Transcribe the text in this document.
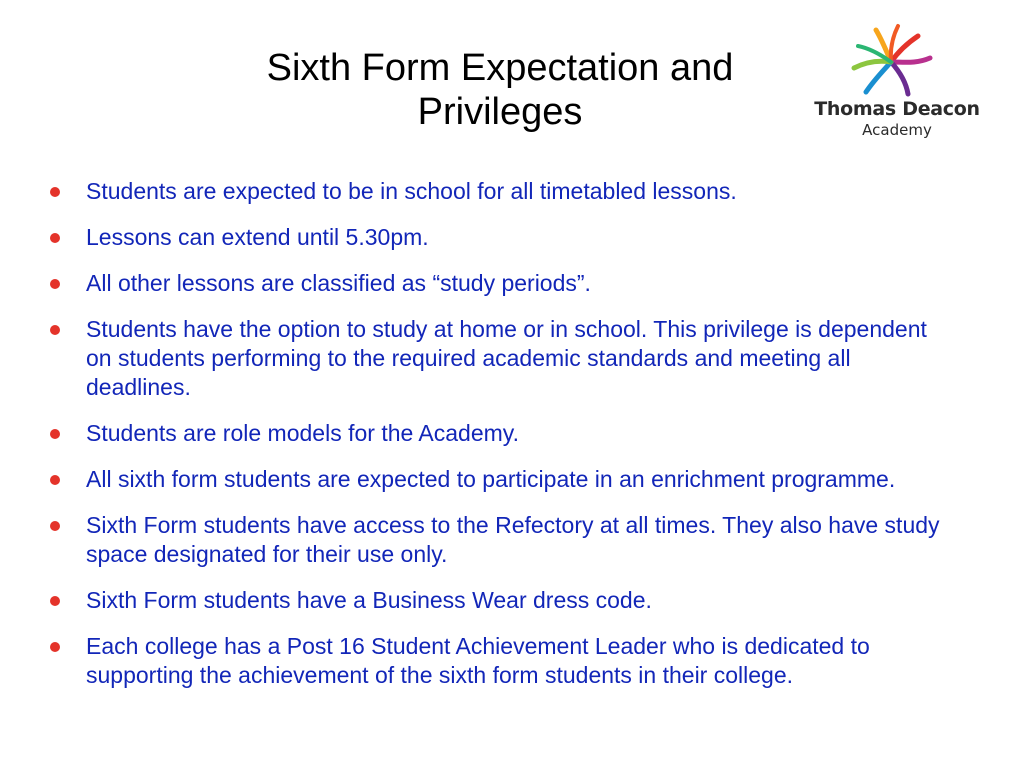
Sixth Form Expectation and
Privileges	Thomas Deacon
Academy
Students are expected to be in school for all timetabled lessons.
Lessons can extend until 5.30pm.
All other lessons are classified as “study periods”.
Students have the option to study at home or in school. This privilege is dependent on students performing to the required academic standards and meeting all deadlines.
Students are role models for the Academy.
All sixth form students are expected to participate in an enrichment programme.
Sixth Form students have access to the Refectory at all times. They also have study space designated for their use only.
Sixth Form students have a Business Wear dress code.
Each college has a Post 16 Student Achievement Leader who is dedicated to supporting the achievement of the sixth form students in their college.
